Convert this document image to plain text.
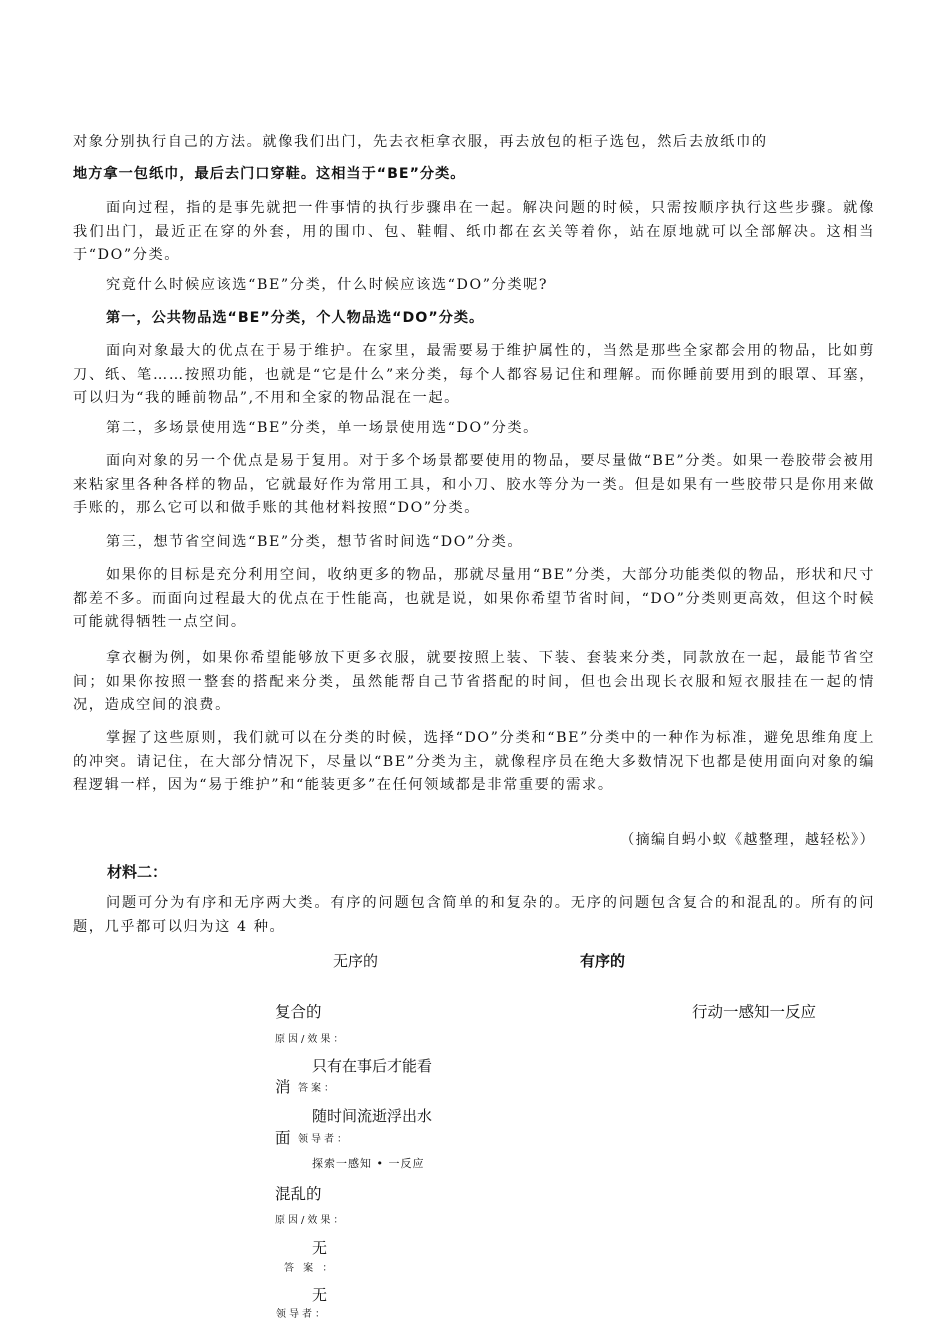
对象分别执行自己的方法。就像我们出门，先去衣柜拿衣服，再去放包的柜子选包，然后去放纸巾的

地方拿一包纸巾，最后去门口穿鞋。这相当于“BE”分类。

面向过程，指的是事先就把一件事情的执行步骤串在一起。解决问题的时候，只需按顺序执行这些步骤。就像我们出门，最近正在穿的外套，用的围巾、包、鞋帽、纸巾都在玄关等着你，站在原地就可以全部解决。这相当于“DO”分类。

究竟什么时候应该选“BE”分类，什么时候应该选“DO”分类呢?

第一，公共物品选“BE”分类，个人物品选“DO”分类。

面向对象最大的优点在于易于维护。在家里，最需要易于维护属性的，当然是那些全家都会用的物品，比如剪刀、纸、笔……按照功能，也就是“它是什么”来分类，每个人都容易记住和理解。而你睡前要用到的眼罩、耳塞，可以归为“我的睡前物品”,不用和全家的物品混在一起。

第二，多场景使用选“BE”分类，单一场景使用选“DO”分类。

面向对象的另一个优点是易于复用。对于多个场景都要使用的物品，要尽量做“BE”分类。如果一卷胶带会被用来粘家里各种各样的物品，它就最好作为常用工具，和小刀、胶水等分为一类。但是如果有一些胶带只是你用来做手账的，那么它可以和做手账的其他材料按照“DO”分类。

第三，想节省空间选“BE”分类，想节省时间选“DO”分类。

如果你的目标是充分利用空间，收纳更多的物品，那就尽量用“BE”分类，大部分功能类似的物品，形状和尺寸都差不多。而面向过程最大的优点在于性能高，也就是说，如果你希望节省时间，“DO”分类则更高效，但这个时候可能就得牺牲一点空间。

拿衣橱为例，如果你希望能够放下更多衣服，就要按照上装、下装、套装来分类，同款放在一起，最能节省空间；如果你按照一整套的搭配来分类，虽然能帮自己节省搭配的时间，但也会出现长衣服和短衣服挂在一起的情况，造成空间的浪费。

掌握了这些原则，我们就可以在分类的时候，选择“DO”分类和“BE”分类中的一种作为标准，避免思维角度上的冲突。请记住，在大部分情况下，尽量以“BE”分类为主，就像程序员在绝大多数情况下也都是使用面向对象的编程逻辑一样，因为“易于维护”和“能装更多”在任何领域都是非常重要的需求。

（摘编自蚂小蚁《越整理，越轻松》）
材料二：

问题可分为有序和无序两大类。有序的问题包含简单的和复杂的。无序的问题包含复合的和混乱的。所有的问题，几乎都可以归为这 4 种。

无序的	有序的
复合的
原因/效果：
只有在事后才能看
消 答案：
随时间流逝浮出水
面 领导者：
探索一感知 • 一反应
混乱的
原因/效果：
无
答 案 ：
无
领导者：
行动一感知一反应
